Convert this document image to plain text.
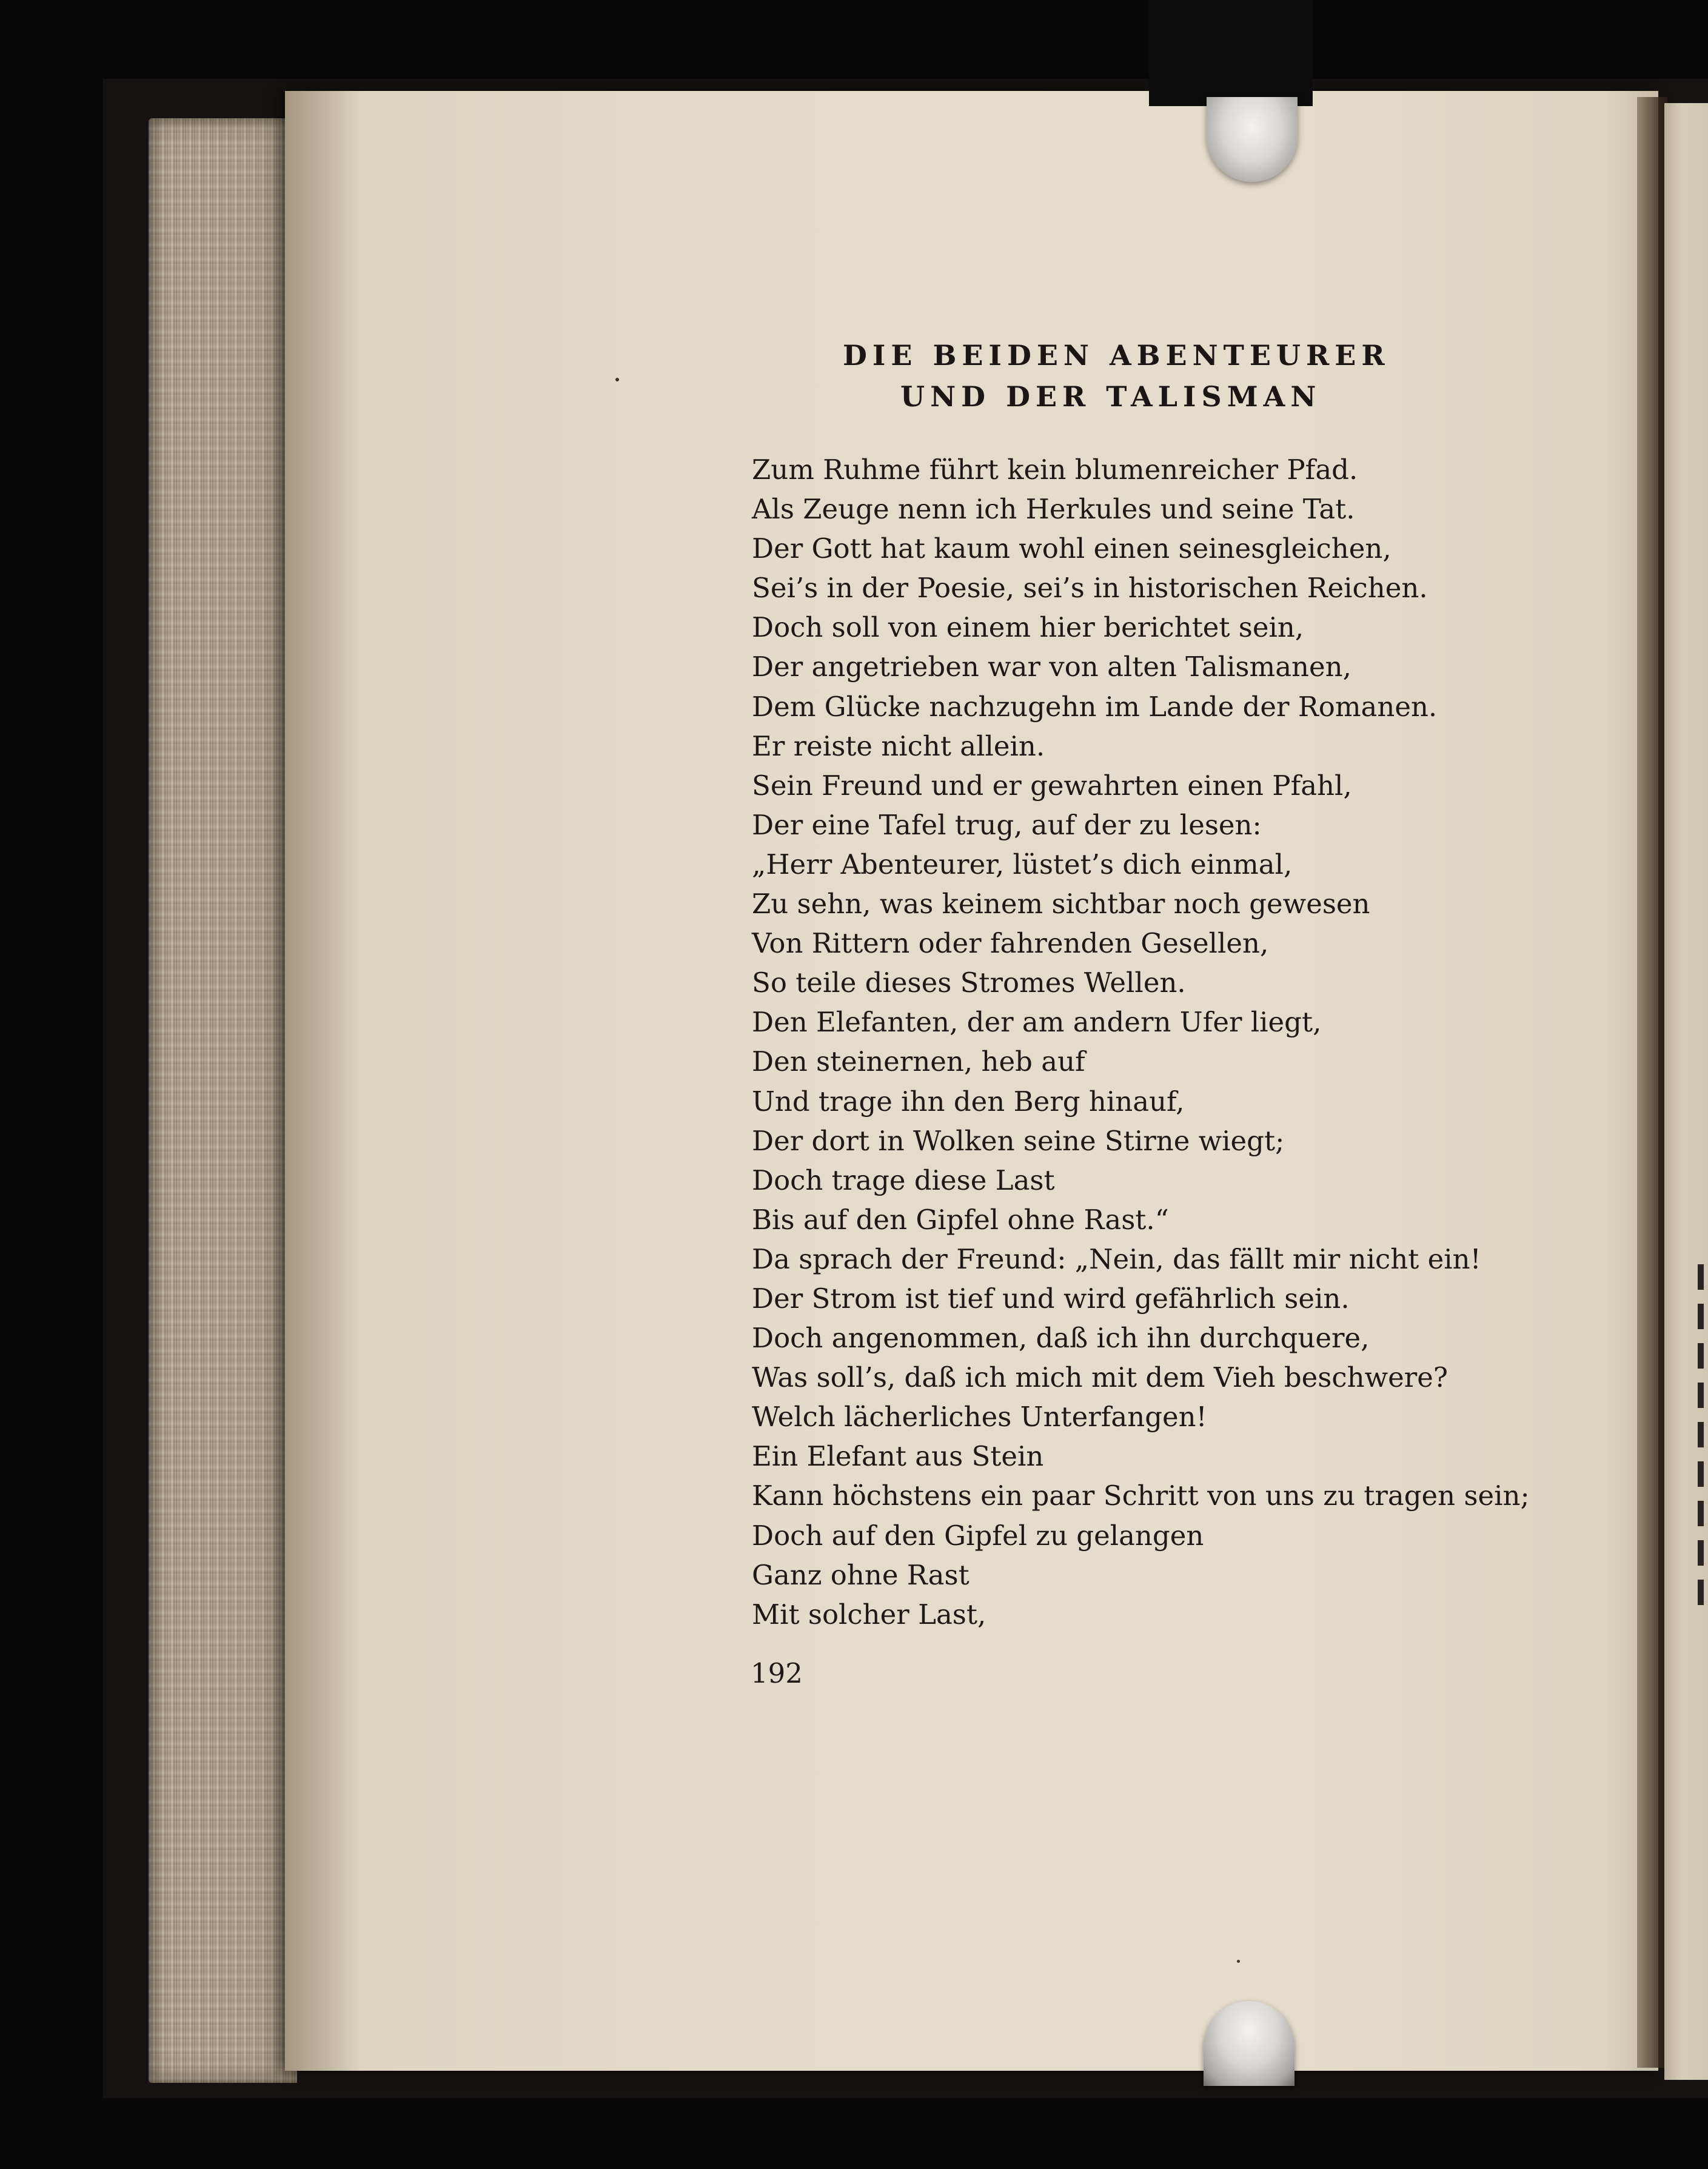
DIE BEIDEN ABENTEURER
UND DER TALISMAN
Zum Ruhme führt kein blumenreicher Pfad.
Als Zeuge nenn ich Herkules und seine Tat.
Der Gott hat kaum wohl einen seinesgleichen,
Sei’s in der Poesie, sei’s in historischen Reichen.
Doch soll von einem hier berichtet sein,
Der angetrieben war von alten Talismanen,
Dem Glücke nachzugehn im Lande der Romanen.
Er reiste nicht allein.
Sein Freund und er gewahrten einen Pfahl,
Der eine Tafel trug, auf der zu lesen:
„Herr Abenteurer, lüstet’s dich einmal,
Zu sehn, was keinem sichtbar noch gewesen
Von Rittern oder fahrenden Gesellen,
So teile dieses Stromes Wellen.
Den Elefanten, der am andern Ufer liegt,
Den steinernen, heb auf
Und trage ihn den Berg hinauf,
Der dort in Wolken seine Stirne wiegt;
Doch trage diese Last
Bis auf den Gipfel ohne Rast.“
Da sprach der Freund: „Nein, das fällt mir nicht ein!
Der Strom ist tief und wird gefährlich sein.
Doch angenommen, daß ich ihn durchquere,
Was soll’s, daß ich mich mit dem Vieh beschwere?
Welch lächerliches Unterfangen!
Ein Elefant aus Stein
Kann höchstens ein paar Schritt von uns zu tragen sein;
Doch auf den Gipfel zu gelangen
Ganz ohne Rast
Mit solcher Last,
192
